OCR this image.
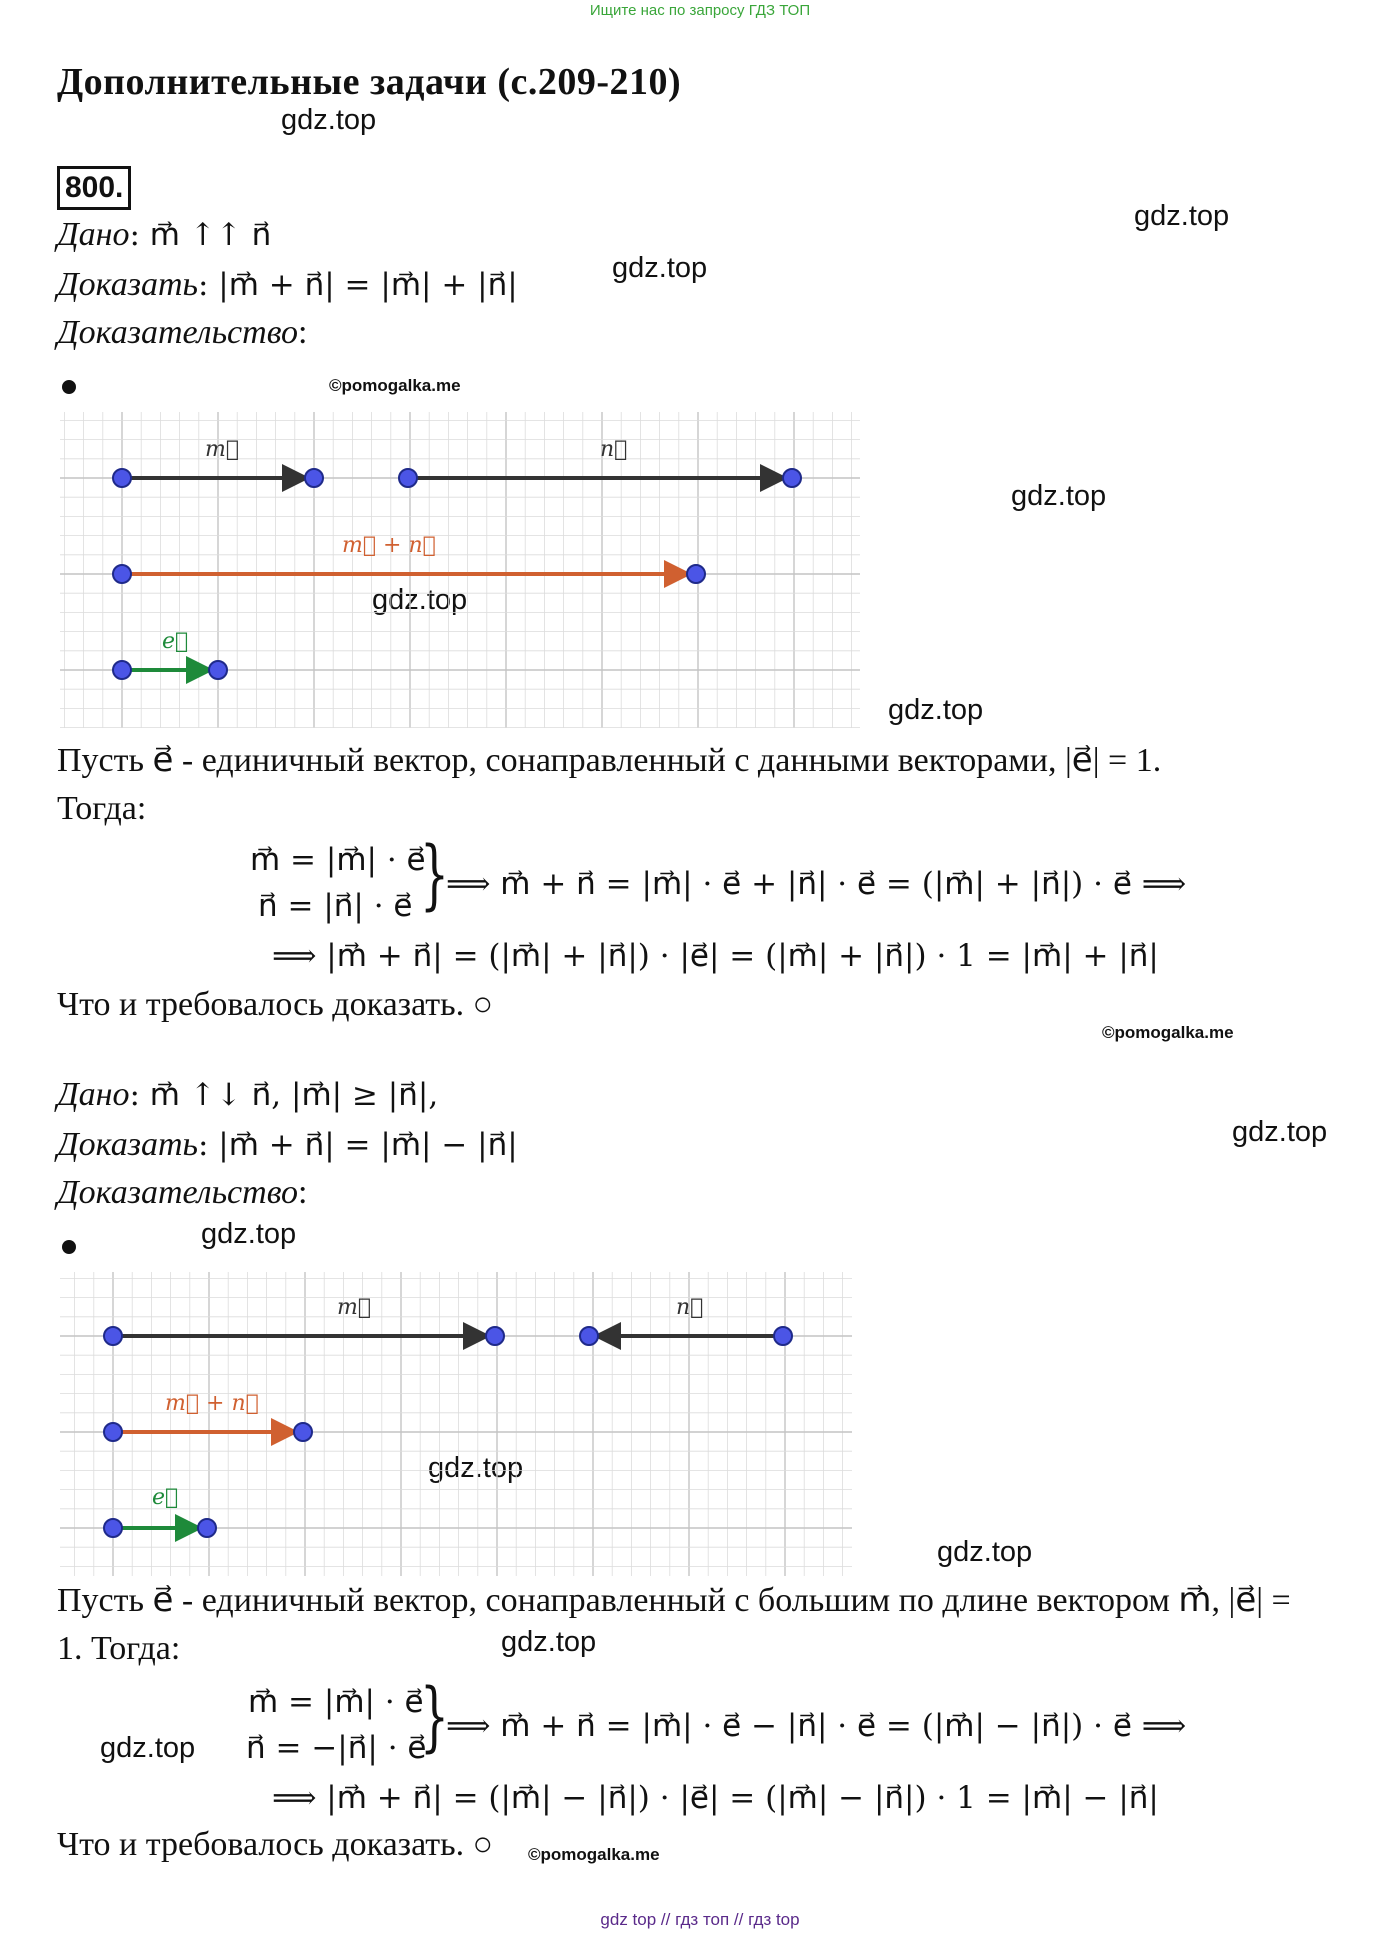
Ищите нас по запросу ГДЗ ТОП
Дополнительные задачи (с.209-210)
gdz.top
gdz.top
gdz.top
gdz.top
gdz.top
gdz.top
gdz.top
gdz.top
gdz.top
gdz.top
gdz.top
gdz.top
©pomogalka.me
©pomogalka.me
©pomogalka.me
800.
Дано: m⃗ ↑↑ n⃗
Доказать: |m⃗ + n⃗| = |m⃗| + |n⃗|
Доказательство:
m⃗	n⃗
m⃗ + n⃗
e⃗
Пусть e⃗ - единичный вектор, сонаправленный с данными векторами, |e⃗| = 1.
Тогда:
m⃗ = |m⃗| · e⃗
n⃗ = |n⃗| · e⃗ }
⟹ m⃗ + n⃗ = |m⃗| · e⃗ + |n⃗| · e⃗ = (|m⃗| + |n⃗|) · e⃗ ⟹
⟹ |m⃗ + n⃗| = (|m⃗| + |n⃗|) · |e⃗| = (|m⃗| + |n⃗|) · 1 = |m⃗| + |n⃗|
Что и требовалось доказать. ○
Дано: m⃗ ↑↓ n⃗, |m⃗| ≥ |n⃗|,
Доказать: |m⃗ + n⃗| = |m⃗| − |n⃗|
Доказательство:
m⃗	n⃗
m⃗ + n⃗
e⃗
Пусть e⃗ - единичный вектор, сонаправленный с большим по длине вектором m⃗, |e⃗| =
1. Тогда:
m⃗ = |m⃗| · e⃗
n⃗ = −|n⃗| · e⃗
}
⟹ m⃗ + n⃗ = |m⃗| · e⃗ − |n⃗| · e⃗ = (|m⃗| − |n⃗|) · e⃗ ⟹
⟹ |m⃗ + n⃗| = (|m⃗| − |n⃗|) · |e⃗| = (|m⃗| − |n⃗|) · 1 = |m⃗| − |n⃗|
Что и требовалось доказать. ○
gdz top // гдз топ // гдз top
